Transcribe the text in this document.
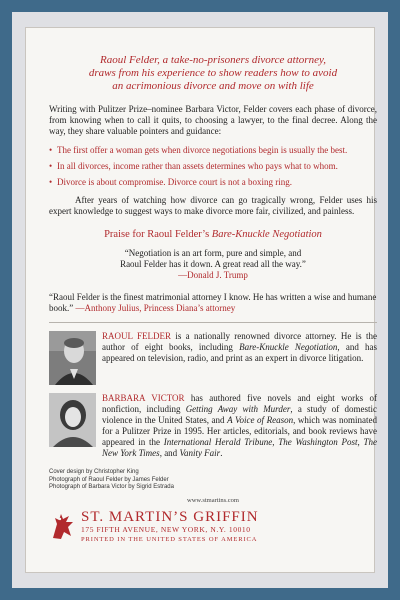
Raoul Felder, a take-no-prisoners divorce attorney,
draws from his experience to show readers how to avoid
an acrimonious divorce and move on with life

Writing with Pulitzer Prize–nominee Barbara Victor, Felder covers each phase of divorce, from knowing when to call it quits, to choosing a lawyer, to the final decree. Along the way, they share valuable pointers and guidance:

• The first offer a woman gets when divorce negotiations begin is usually the best.
• In all divorces, income rather than assets determines who pays what to whom.
• Divorce is about compromise. Divorce court is not a boxing ring.

After years of watching how divorce can go tragically wrong, Felder uses his expert knowledge to suggest ways to make divorce more fair, civilized, and painless.

Praise for Raoul Felder’s Bare-Knuckle Negotiation

“Negotiation is an art form, pure and simple, and
Raoul Felder has it down. A great read all the way.”
—Donald J. Trump

“Raoul Felder is the finest matrimonial attorney I know. He has written a wise and humane book.” —Anthony Julius, Princess Diana’s attorney

RAOUL FELDER is a nationally renowned divorce attorney. He is the author of eight books, including Bare-Knuckle Negotiation, and has appeared on television, radio, and print as an expert in divorce litigation.

BARBARA VICTOR has authored five novels and eight works of nonfiction, including Getting Away with Murder, a study of domestic violence in the United States, and A Voice of Reason, which was nominated for a Pulitzer Prize in 1995. Her articles, editorials, and book reviews have appeared in the International Herald Tribune, The Washington Post, The New York Times, and Vanity Fair.

Cover design by Christopher King
Photograph of Raoul Felder by James Felder
Photograph of Barbara Victor by Sigrid Estrada
www.stmartins.com
ST. MARTIN’S GRIFFIN
175 FIFTH AVENUE, NEW YORK, N.Y. 10010
PRINTED IN THE UNITED STATES OF AMERICA
